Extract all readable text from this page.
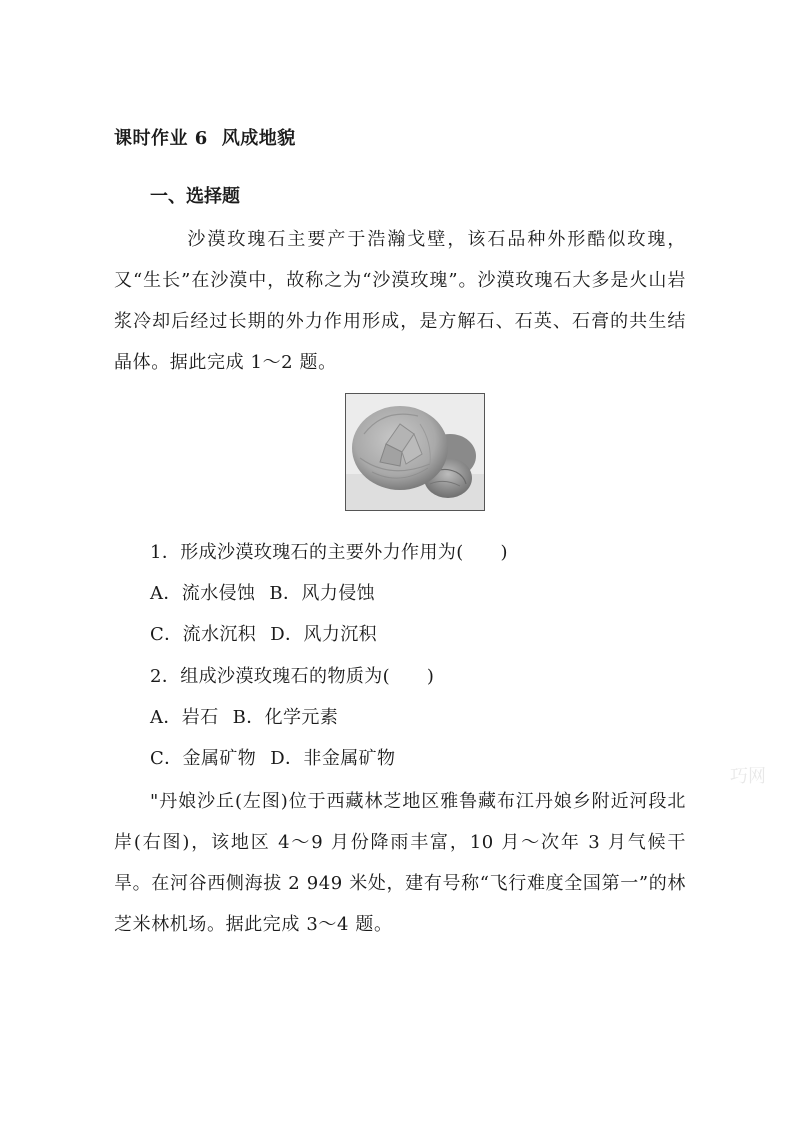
课时作业 6 风成地貌
一、选择题

沙漠玫瑰石主要产于浩瀚戈壁，该石品种外形酷似玫瑰，又“生长”在沙漠中，故称之为“沙漠玫瑰”。沙漠玫瑰石大多是火山岩浆冷却后经过长期的外力作用形成，是方解石、石英、石膏的共生结晶体。据此完成 1～2 题。

1．形成沙漠玫瑰石的主要外力作用为(　　)
A．流水侵蚀 B．风力侵蚀
C．流水沉积 D．风力沉积
2．组成沙漠玫瑰石的物质为(　　)
A．岩石 B．化学元素
C．金属矿物 D．非金属矿物

"丹娘沙丘(左图)位于西藏林芝地区雅鲁藏布江丹娘乡附近河段北岸(右图)，该地区 4～9 月份降雨丰富，10 月～次年 3 月气候干旱。在河谷西侧海拔 2 949 米处，建有号称“飞行难度全国第一”的林芝米林机场。据此完成 3～4 题。

巧网
